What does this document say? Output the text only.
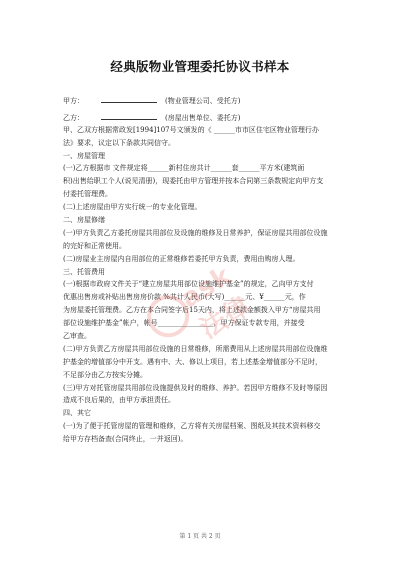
经典版物业管理委托协议书样本
甲方：	(物业管理公司、受托方)
乙方：	(房屋出售单位、委托方)
甲、乙双方根据常政发[1994]107号文颁发的《 ______市市区住宅区物业管理行办
法》要求，议定以下条款共同信守。
一、房屋管理
(一)乙方根据市 文件规定将______新村住房共计______套______平方米(建筑面
积)出售给职工个人(说见清册)，现委托由甲方管理并按本合同第三条数规定向甲方支
付委托管理费。
(二)上述房屋由甲方实行统一的专业化管理。
二、房屋修缮
(一)甲方负责乙方委托房屋共用部位及设施的维修及日常养护，保证房屋共用部位设施
的完好和正常使用。
(二)房屋业主房屋内自用部位的正常维修若委托甲方负责，费用由购房人理。
三、托管费用
(一)根据市政府文件关于“建立房屋共用部位设施维护基金”的规定，乙向甲方支付
优惠出售房或补贴出售房房价款 %共计人民币(大写)______元、¥______元，作
为房屋委托管理费。乙方在本合同签字后15天内，将上述款金额拨入甲方“房屋共用
部位设施维护基金”帐户，帐号________________，甲方保证专款专用，并接受
乙审查。
(二)甲方负责乙方房屋共用部位设施的日常维修，所需费用从上述房屋共用部位设施维
护基金的增值部分中开支。遇有中、大、修以上项目，若上述基金增值部分不足时，
不足部分由乙方按实分摊。
(三)甲方对托管房屋共用部位设施提供及时的维修、养护。若因甲方维修不及时等原因
造成不良后果的，由甲方承担责任。
四、其它
(一)为了便于托管房屋的管理和维修，乙方将有关房屋档案、图纸及其技术资料移交
给甲方存档备查(合同终止，一并返回)。
ask 法律
第 1 页 共 2 页
